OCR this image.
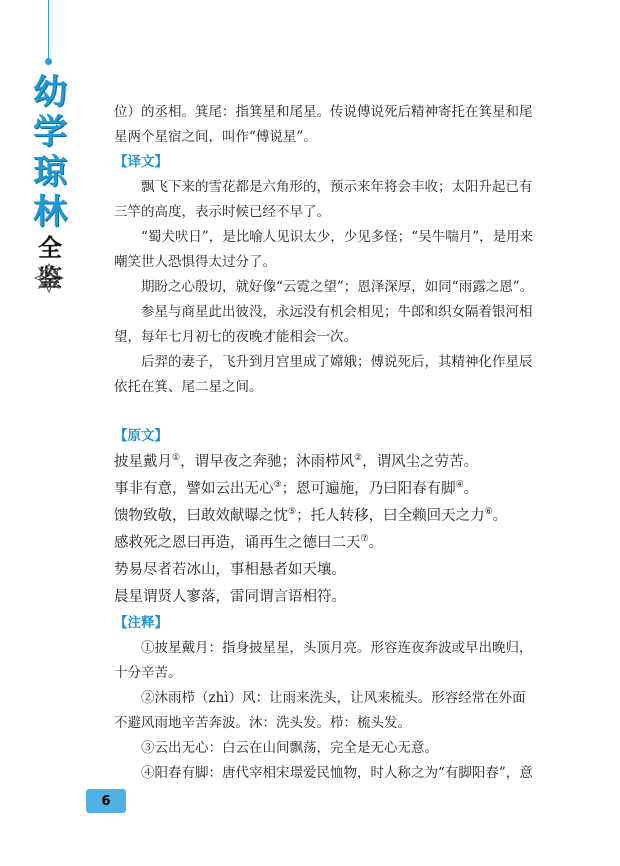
幼
学
琼
林
全
鉴

位）的丞相。箕尾：指箕星和尾星。传说傅说死后精神寄托在箕星和尾星两个星宿之间，叫作“傅说星”。

【译文】

飘飞下来的雪花都是六角形的，预示来年将会丰收；太阳升起已有三竿的高度，表示时候已经不早了。

“蜀犬吠日”，是比喻人见识太少，少见多怪；“吴牛喘月”，是用来嘲笑世人恐惧得太过分了。

期盼之心殷切，就好像“云霓之望”；恩泽深厚，如同“雨露之恩”。

参星与商星此出彼没，永远没有机会相见；牛郎和织女隔着银河相望，每年七月初七的夜晚才能相会一次。

后羿的妻子，飞升到月宫里成了嫦娥；傅说死后，其精神化作星辰依托在箕、尾二星之间。

【原文】

披星戴月①，谓早夜之奔驰；沐雨栉风②，谓风尘之劳苦。

事非有意，譬如云出无心③；恩可遍施，乃曰阳春有脚④。

馈物致敬，曰敢效献曝之忱⑤；托人转移，曰全赖回天之力⑥。

感救死之恩曰再造，诵再生之德曰二天⑦。

势易尽者若冰山，事相悬者如天壤。

晨星谓贤人寥落，雷同谓言语相符。

【注释】

①披星戴月：指身披星星，头顶月亮。形容连夜奔波或早出晚归，十分辛苦。

②沐雨栉（zhì）风：让雨来洗头，让风来梳头。形容经常在外面不避风雨地辛苦奔波。沐：洗头发。栉：梳头发。

③云出无心：白云在山间飘荡，完全是无心无意。

④阳春有脚：唐代宰相宋璟爱民恤物，时人称之为“有脚阳春”，意

6
